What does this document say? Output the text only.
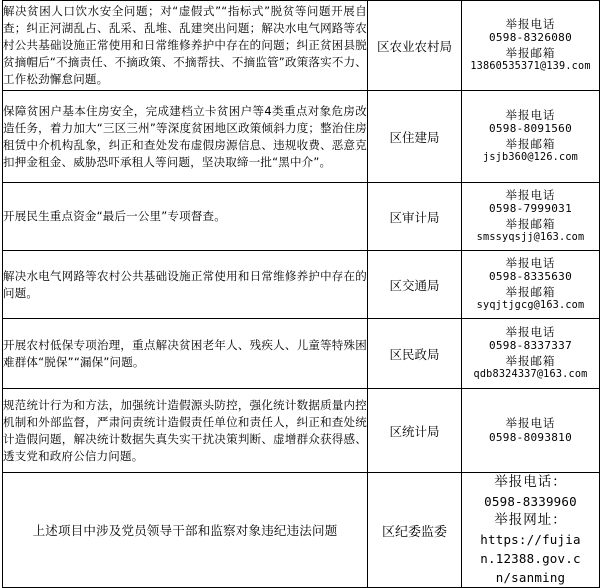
解决贫困人口饮水安全问题；对“虚假式”“指标式”脱贫等问题开展自查；纠正河湖乱占、乱采、乱堆、乱建突出问题；解决水电气网路等农村公共基础设施正常使用和日常维修养护中存在的问题；纠正贫困县脱贫摘帽后“不摘责任、不摘政策、不摘帮扶、不摘监管”政策落实不力、工作松劲懈怠问题。	区农业农村局	举报电话
0598-8326080
举报邮箱
13860535371@139.com

保障贫困户基本住房安全，完成建档立卡贫困户等4类重点对象危房改造任务，着力加大“三区三州”等深度贫困地区政策倾斜力度；整治住房租赁中介机构乱象，纠正和查处发布虚假房源信息、违规收费、恶意克扣押金租金、威胁恐吓承租人等问题，坚决取缔一批“黑中介”。	区住建局	举报电话
0598-8091560
举报邮箱
jsjb360@126.com

开展民生重点资金“最后一公里”专项督查。	区审计局	举报电话
0598-7999031
举报邮箱
smssyqsjj@163.com

解决水电气网路等农村公共基础设施正常使用和日常维修养护中存在的问题。	区交通局	举报电话
0598-8335630
举报邮箱
syqjtjgcg@163.com

开展农村低保专项治理，重点解决贫困老年人、残疾人、儿童等特殊困难群体“脱保”“漏保”问题。	区民政局	举报电话
0598-8337337
举报邮箱
qdb8324337@163.com

规范统计行为和方法，加强统计造假源头防控，强化统计数据质量内控机制和外部监督，严肃问责统计造假责任单位和责任人，纠正和查处统计造假问题，解决统计数据失真失实干扰决策判断、虚增群众获得感、透支党和政府公信力问题。	区统计局	举报电话
0598-8093810

上述项目中涉及党员领导干部和监察对象违纪违法问题	区纪委监委	举报电话：
0598-8339960
举报网址：
https://fujian.12388.gov.cn/sanming
